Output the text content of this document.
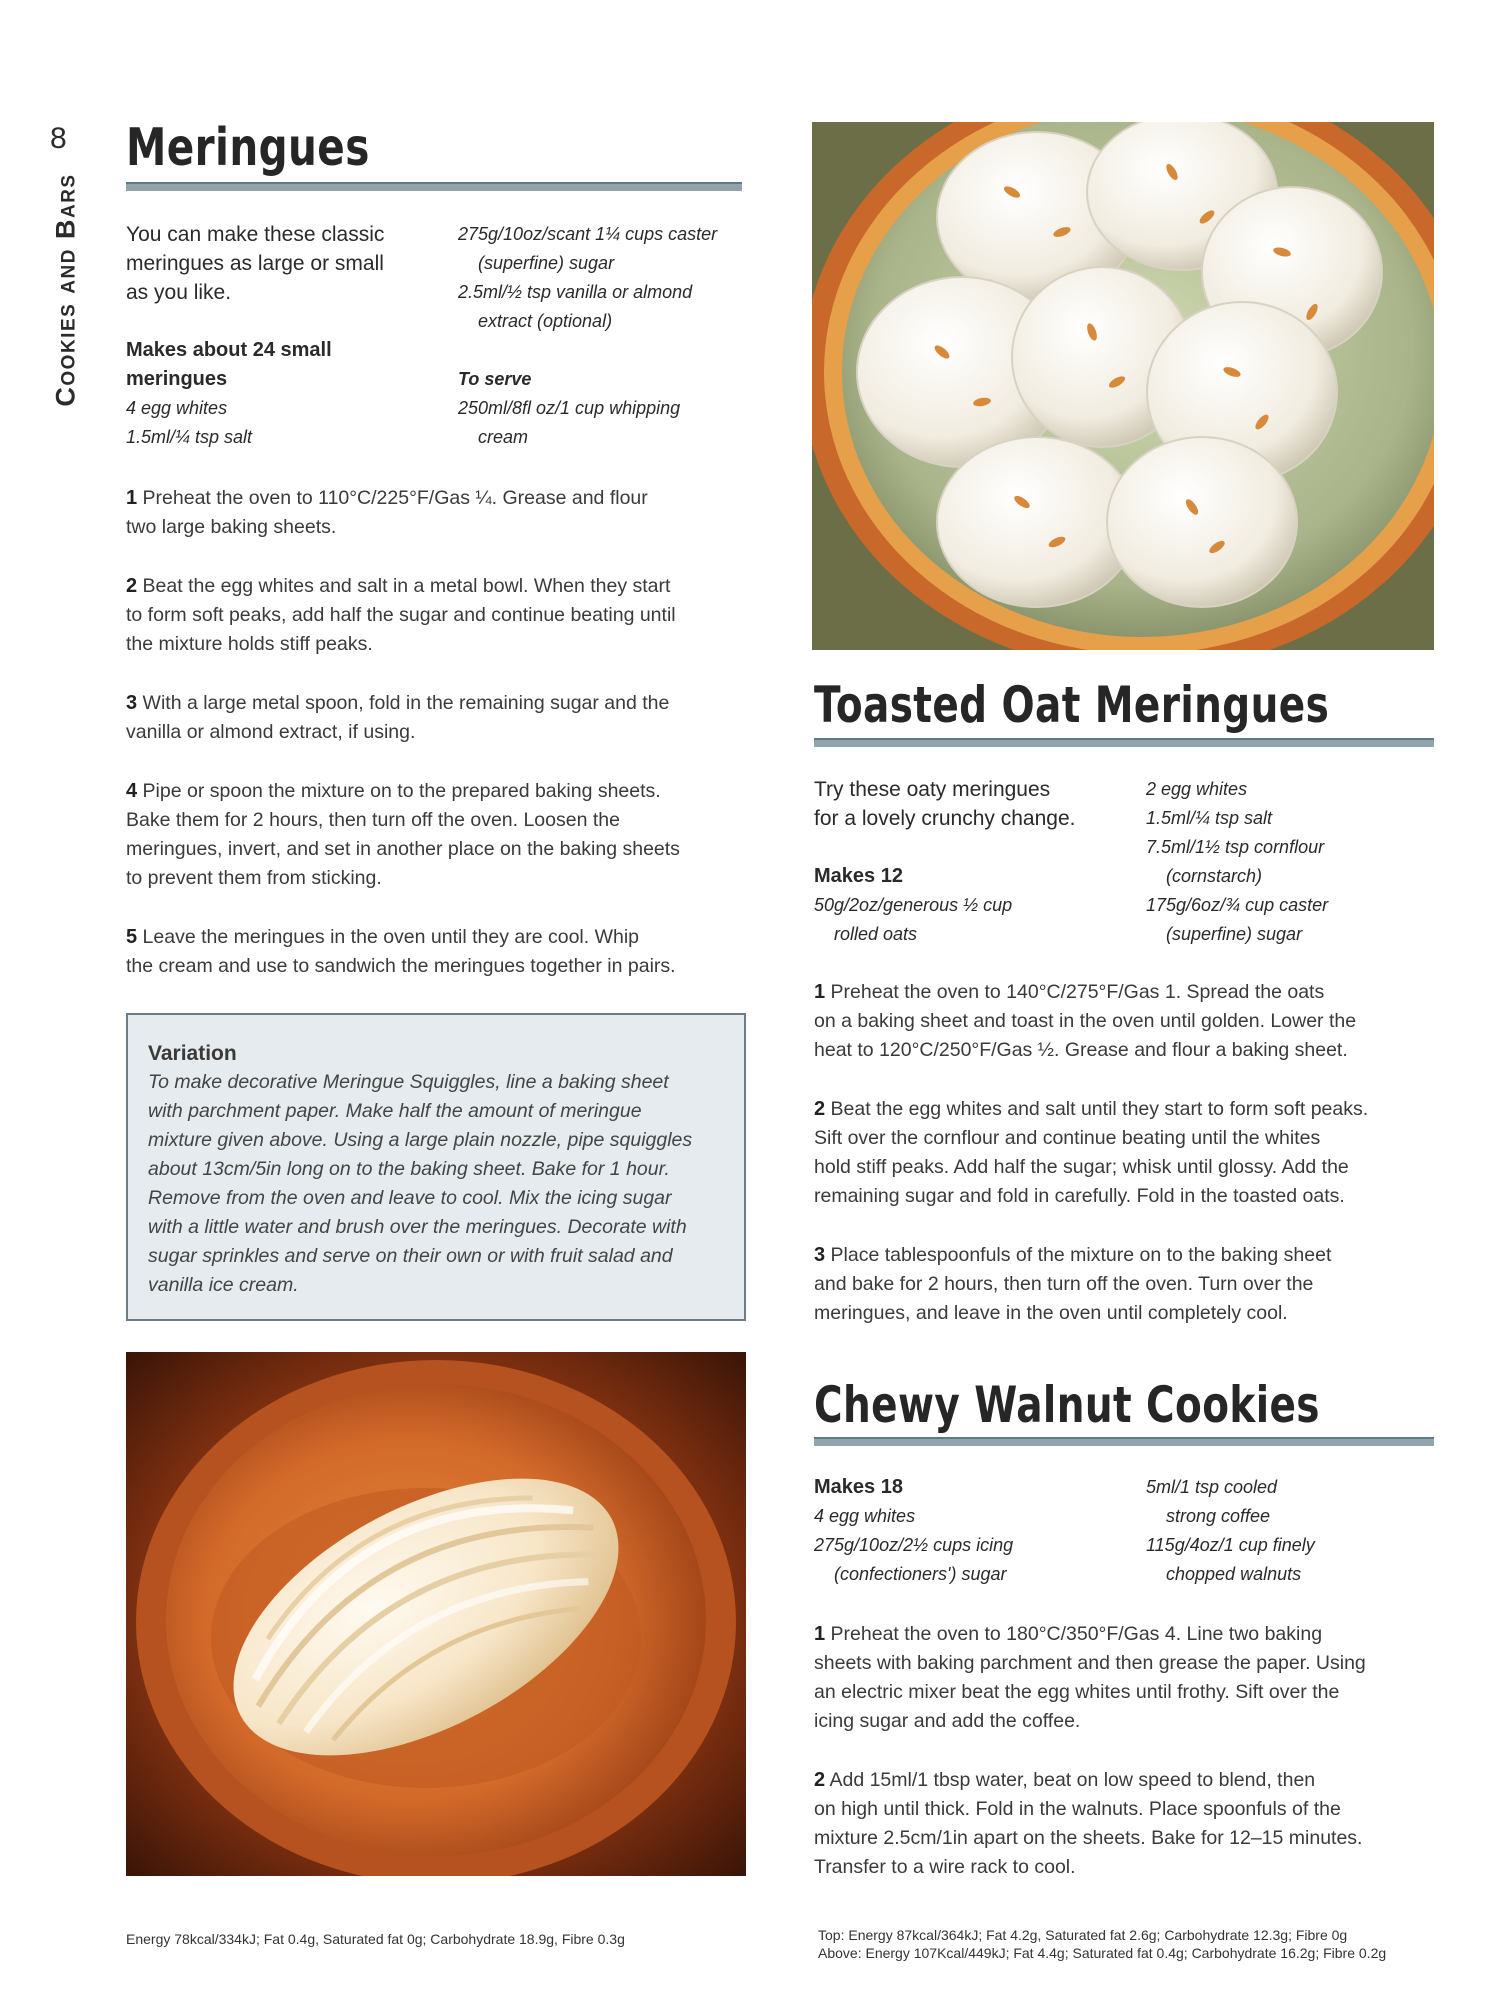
8
Cookies and Bars
Meringues
You can make these classic
meringues as large or small
as you like.
Makes about 24 small
meringues
4 egg whites
1.5ml/¼ tsp salt
275g/10oz/scant 1¼ cups caster
(superfine) sugar
2.5ml/½ tsp vanilla or almond
extract (optional)
To serve
250ml/8fl oz/1 cup whipping
cream
1 Preheat the oven to 110°C/225°F/Gas ¼. Grease and flour
two large baking sheets.
2 Beat the egg whites and salt in a metal bowl. When they start
to form soft peaks, add half the sugar and continue beating until
the mixture holds stiff peaks.
3 With a large metal spoon, fold in the remaining sugar and the
vanilla or almond extract, if using.
4 Pipe or spoon the mixture on to the prepared baking sheets.
Bake them for 2 hours, then turn off the oven. Loosen the
meringues, invert, and set in another place on the baking sheets
to prevent them from sticking.
5 Leave the meringues in the oven until they are cool. Whip
the cream and use to sandwich the meringues together in pairs.
Variation
To make decorative Meringue Squiggles, line a baking sheet
with parchment paper. Make half the amount of meringue
mixture given above. Using a large plain nozzle, pipe squiggles
about 13cm/5in long on to the baking sheet. Bake for 1 hour.
Remove from the oven and leave to cool. Mix the icing sugar
with a little water and brush over the meringues. Decorate with
sugar sprinkles and serve on their own or with fruit salad and
vanilla ice cream.
Energy 78kcal/334kJ; Fat 0.4g, Saturated fat 0g; Carbohydrate 18.9g, Fibre 0.3g
Toasted Oat Meringues
Try these oaty meringues
for a lovely crunchy change.
Makes 12
50g/2oz/generous ½ cup
rolled oats
2 egg whites
1.5ml/¼ tsp salt
7.5ml/1½ tsp cornflour
(cornstarch)
175g/6oz/¾ cup caster
(superfine) sugar
1 Preheat the oven to 140°C/275°F/Gas 1. Spread the oats
on a baking sheet and toast in the oven until golden. Lower the
heat to 120°C/250°F/Gas ½. Grease and flour a baking sheet.
2 Beat the egg whites and salt until they start to form soft peaks.
Sift over the cornflour and continue beating until the whites
hold stiff peaks. Add half the sugar; whisk until glossy. Add the
remaining sugar and fold in carefully. Fold in the toasted oats.
3 Place tablespoonfuls of the mixture on to the baking sheet
and bake for 2 hours, then turn off the oven. Turn over the
meringues, and leave in the oven until completely cool.
Chewy Walnut Cookies
Makes 18
4 egg whites
275g/10oz/2½ cups icing
(confectioners') sugar
5ml/1 tsp cooled
strong coffee
115g/4oz/1 cup finely
chopped walnuts
1 Preheat the oven to 180°C/350°F/Gas 4. Line two baking
sheets with baking parchment and then grease the paper. Using
an electric mixer beat the egg whites until frothy. Sift over the
icing sugar and add the coffee.
2 Add 15ml/1 tbsp water, beat on low speed to blend, then
on high until thick. Fold in the walnuts. Place spoonfuls of the
mixture 2.5cm/1in apart on the sheets. Bake for 12–15 minutes.
Transfer to a wire rack to cool.
Top: Energy 87kcal/364kJ; Fat 4.2g, Saturated fat 2.6g; Carbohydrate 12.3g; Fibre 0g
Above: Energy 107Kcal/449kJ; Fat 4.4g; Saturated fat 0.4g; Carbohydrate 16.2g; Fibre 0.2g
